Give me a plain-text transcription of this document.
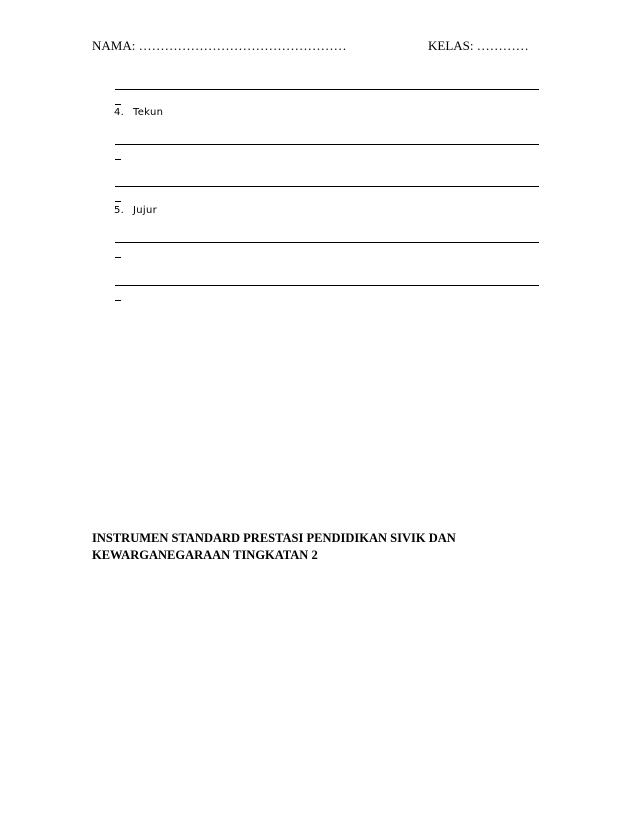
NAMA: …………………………………………	KELAS: …………
4. Tekun
5. Jujur
INSTRUMEN STANDARD PRESTASI PENDIDIKAN SIVIK DAN
KEWARGANEGARAAN TINGKATAN 2
